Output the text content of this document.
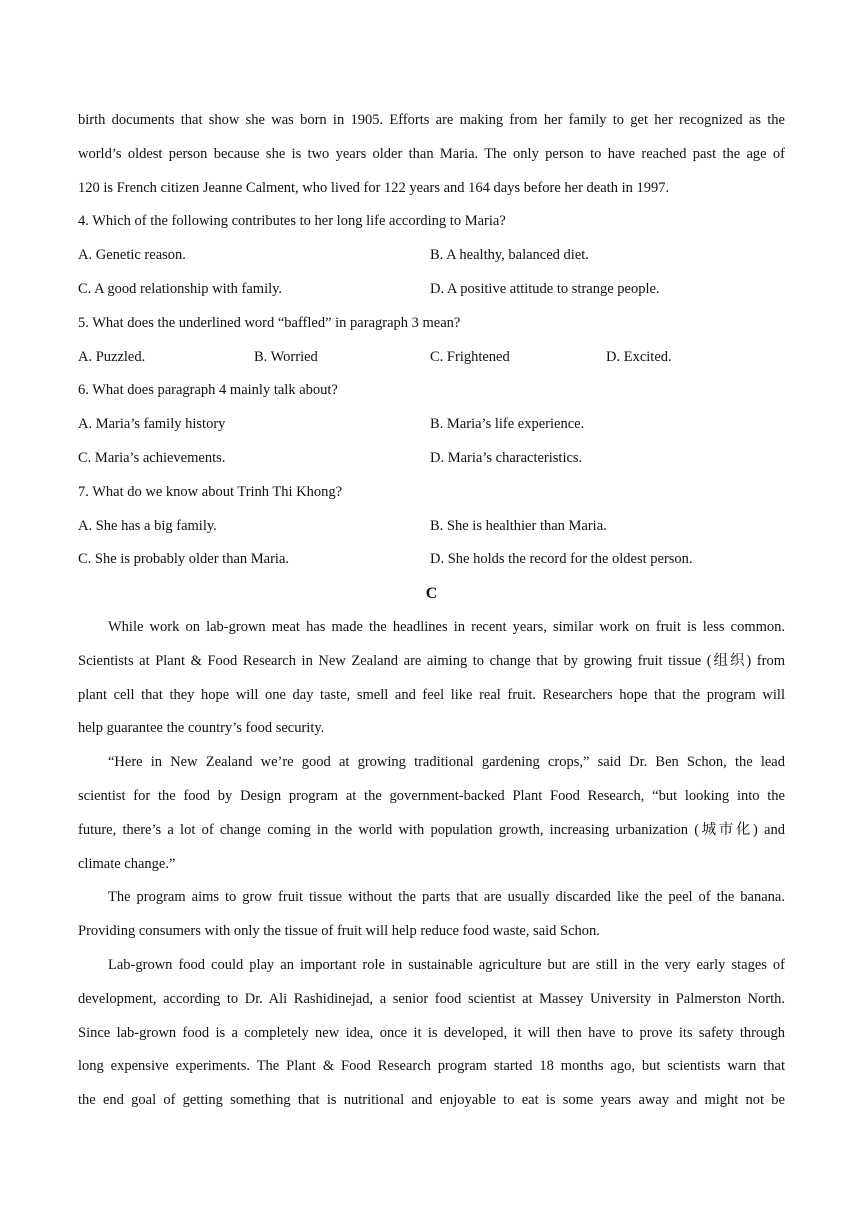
birth documents that show she was born in 1905. Efforts are making from her family to get her recognized as the
world’s oldest person because she is two years older than Maria. The only person to have reached past the age of
120 is French citizen Jeanne Calment, who lived for 122 years and 164 days before her death in 1997.
4. Which of the following contributes to her long life according to Maria?
A. Genetic reason.	B. A healthy, balanced diet.
C. A good relationship with family.	D. A positive attitude to strange people.
5. What does the underlined word “baffled” in paragraph 3 mean?
A. Puzzled.	B. Worried	C. Frightened	D. Excited.
6. What does paragraph 4 mainly talk about?
A. Maria’s family history	B. Maria’s life experience.
C. Maria’s achievements.	D. Maria’s characteristics.
7. What do we know about Trinh Thi Khong?
A. She has a big family.	B. She is healthier than Maria.
C. She is probably older than Maria.	D. She holds the record for the oldest person.
C
While work on lab-grown meat has made the headlines in recent years, similar work on fruit is less common.
Scientists at Plant & Food Research in New Zealand are aiming to change that by growing fruit tissue (组织) from
plant cell that they hope will one day taste, smell and feel like real fruit. Researchers hope that the program will
help guarantee the country’s food security.
“Here in New Zealand we’re good at growing traditional gardening crops,” said Dr. Ben Schon, the lead
scientist for the food by Design program at the government-backed Plant Food Research, “but looking into the
future, there’s a lot of change coming in the world with population growth, increasing urbanization (城市化) and
climate change.”
The program aims to grow fruit tissue without the parts that are usually discarded like the peel of the banana.
Providing consumers with only the tissue of fruit will help reduce food waste, said Schon.
Lab-grown food could play an important role in sustainable agriculture but are still in the very early stages of
development, according to Dr. Ali Rashidinejad, a senior food scientist at Massey University in Palmerston North.
Since lab-grown food is a completely new idea, once it is developed, it will then have to prove its safety through
long expensive experiments. The Plant & Food Research program started 18 months ago, but scientists warn that
the end goal of getting something that is nutritional and enjoyable to eat is some years away and might not be
